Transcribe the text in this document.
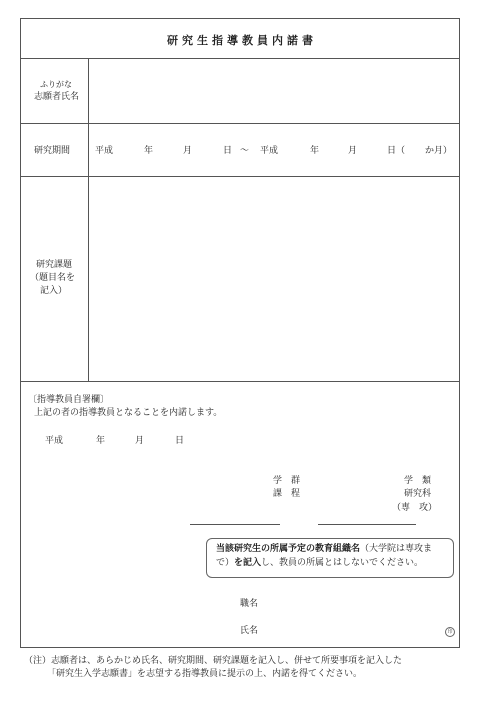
研究生指導教員内諾書
ふりがな
志願者氏名
研究期間	平成	年	月	日 〜 平成	年	月	日（ か月）
研究課題
（題目名を
記入）
〔指導教員自署欄〕
上記の者の指導教員となることを内諾します。
平成	年	月	日
学　群
課　程
学　類
研究科
（専　攻）
当該研究生の所属予定の教育組織名（大学院は専攻ま
で）を記入し、教員の所属とはしないでください。
職名
氏名	印
（注）志願者は、あらかじめ氏名、研究期間、研究課題を記入し、併せて所要事項を記入した
「研究生入学志願書」を志望する指導教員に提示の上、内諾を得てください。
